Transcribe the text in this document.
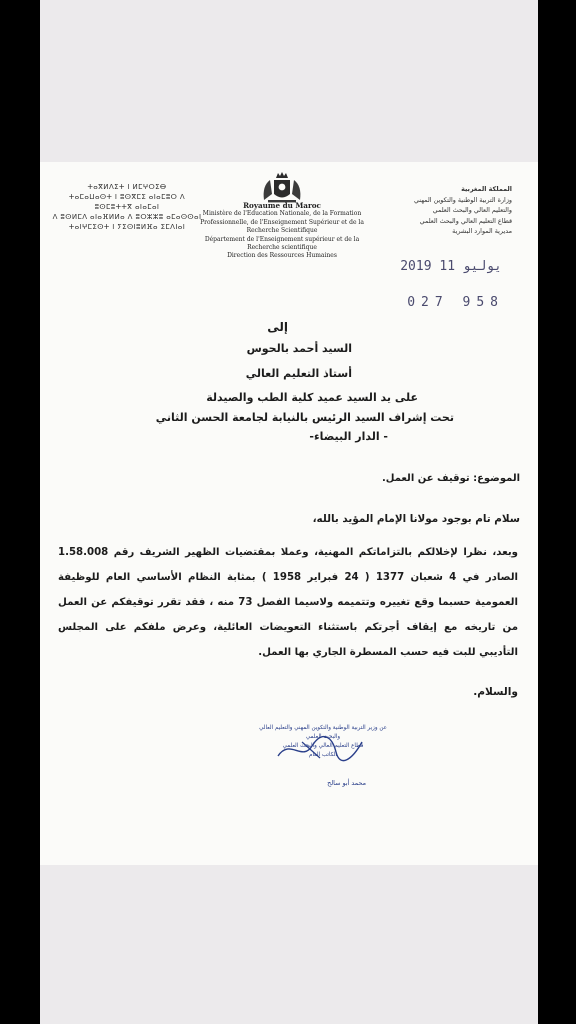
ⵜⴰⴳⵍⴷⵉⵜ ⵏ ⵍⵎⵖⵔⵉⴱ
ⵜⴰⵎⴰⵡⴰⵙⵜ ⵏ ⵓⵙⴳⵎⵉ ⴰⵏⴰⵎⵓⵔ ⴷ ⵓⵙⵎⵓⵜⵜⴳ ⴰⵏⴰⵎⴰⵏ
ⴷ ⵓⵙⵍⵎⴷ ⴰⵏⴰⴼⵍⵍⴰ ⴷ ⵓⵔⵣⵣⵓ ⴰⵎⴰⵙⵙⴰⵏ
ⵜⴰⵏⵖⵎⵉⵙⵜ ⵏ ⵢⵉⵙⵏⵓⵍⴼⴰ ⵉⵎⴷⵏⴰⵏ
Royaume du Maroc
Ministère de l'Education Nationale, de la Formation
Professionnelle, de l'Enseignement Supérieur et de la
Recherche Scientifique
Département de l'Enseignement supérieur et de la Recherche scientifique
Direction des Ressources Humaines
المملكة المغربية
وزارة التربية الوطنية والتكوين المهني
والتعليم العالي والبحث العلمي
قطاع التعليم العالي والبحث العلمي
مديرية الموارد البشرية
2019 يوليو 11
027 958
إلى
السيد أحمد بالحوس
أستاذ التعليم العالي
على يد السيد عميد كلية الطب والصيدلة
تحت إشراف السيد الرئيس بالنيابة لجامعة الحسن الثاني
- الدار البيضاء-
الموضوع: توقيف عن العمل.
سلام تام بوجود مولانا الإمام المؤيد بالله،
وبعد، نظرا لإخلالكم بالتزاماتكم المهنية، وعملا بمقتضيات الظهير الشريف رقم 1.58.008 الصادر في 4 شعبان 1377 ( 24 فبراير 1958 ) بمثابة النظام الأساسي العام للوظيفة العمومية حسبما وقع تغييره وتتميمه ولاسيما الفصل 73 منه ، فقد تقرر توقيفكم عن العمل من تاريخه مع إيقاف أجرتكم باستثناء التعويضات العائلية، وعرض ملفكم على المجلس التأديبي للبت فيه حسب المسطرة الجاري بها العمل.
والسلام.
عن وزير التربية الوطنية والتكوين المهني والتعليم العالي
والبحث العلمي
قطاع التعليم العالي والبحث العلمي
الكاتب العام
محمد أبو سالح
